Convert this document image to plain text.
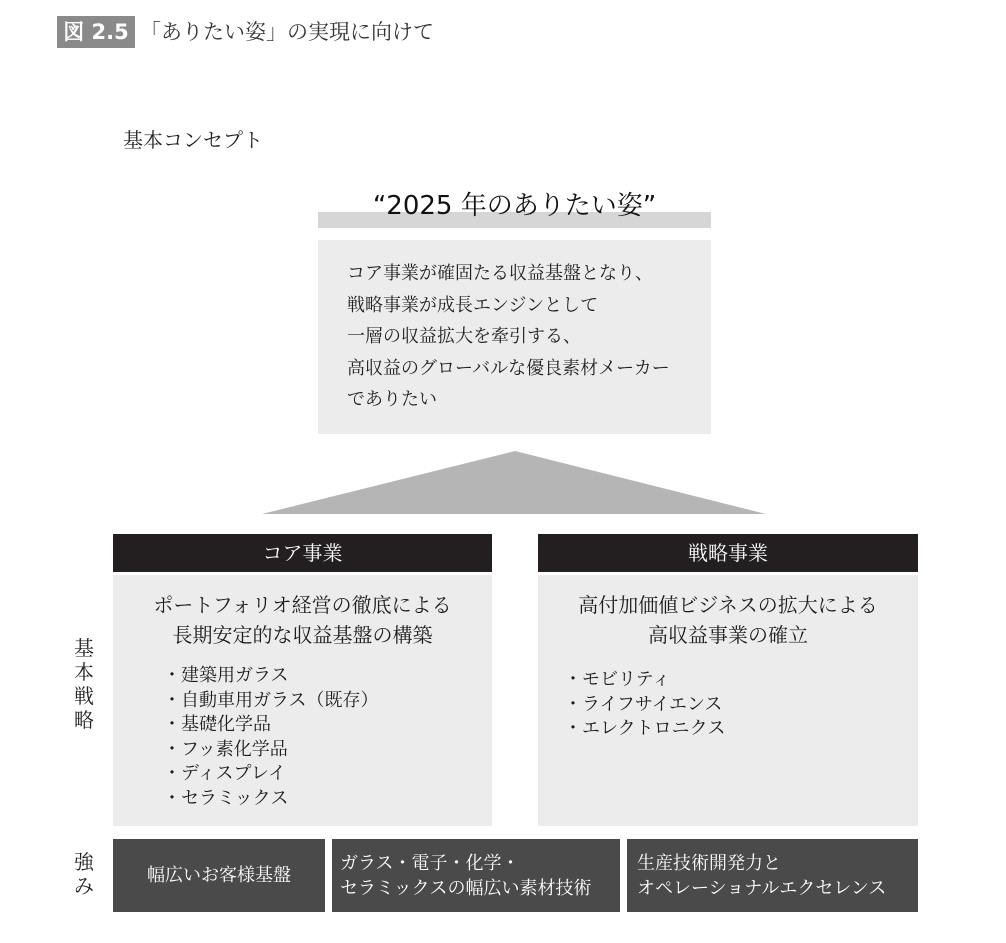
図 2.5 「ありたい姿」の実現に向けて
基本コンセプト
“2025 年のありたい姿”
コア事業が確固たる収益基盤となり、
戦略事業が成長エンジンとして
一層の収益拡大を牽引する、
高収益のグローバルな優良素材メーカー
でありたい
コア事業
ポートフォリオ経営の徹底による
長期安定的な収益基盤の構築
・建築用ガラス
・自動車用ガラス（既存）
・基礎化学品
・フッ素化学品
・ディスプレイ
・セラミックス
戦略事業
高付加価値ビジネスの拡大による
高収益事業の確立
・モビリティ
・ライフサイエンス
・エレクトロニクス
基
本
戦
略
強
み	幅広いお客様基盤
ガラス・電子・化学・
セラミックスの幅広い素材技術
生産技術開発力と
オペレーショナルエクセレンス
